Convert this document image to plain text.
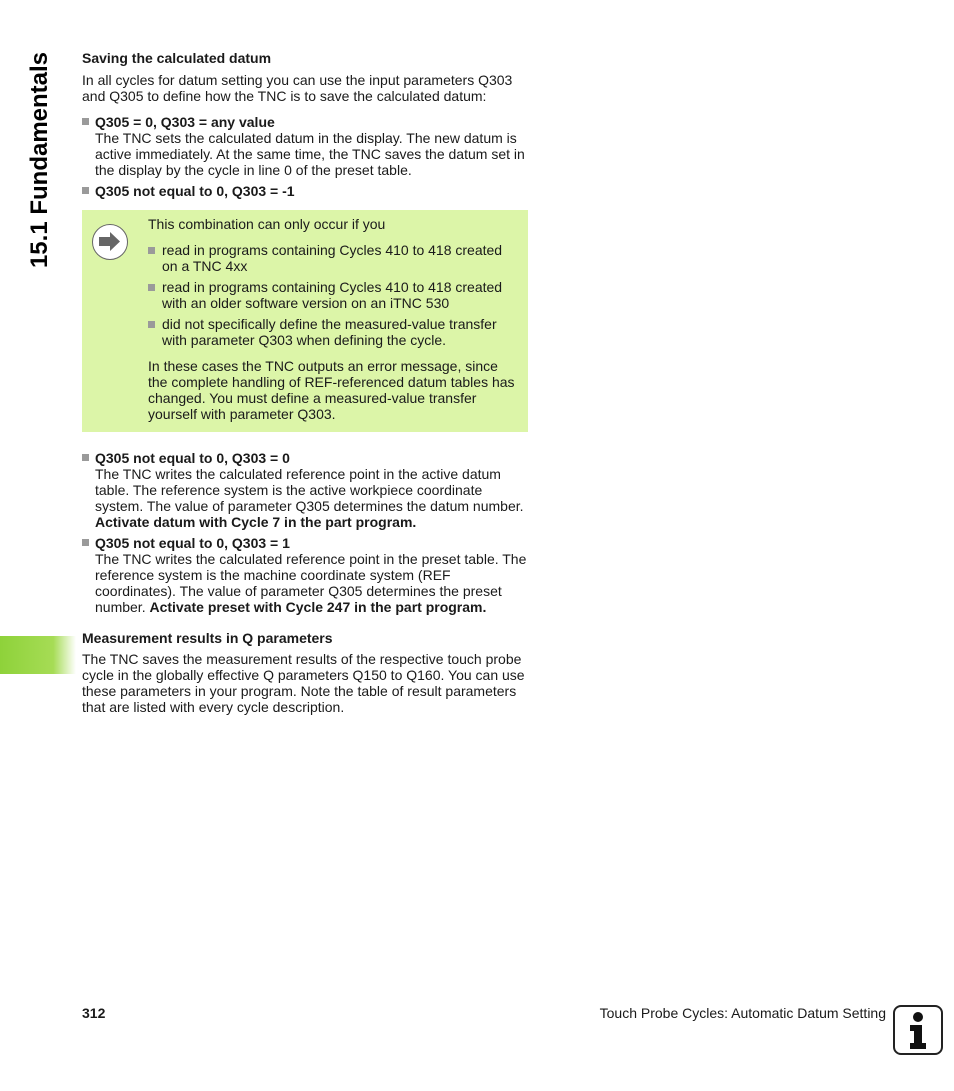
15.1 Fundamentals Saving the calculated datum

In all cycles for datum setting you can use the input parameters Q303 and Q305 to define how the TNC is to save the calculated datum:

Q305 = 0, Q303 = any value

The TNC sets the calculated datum in the display. The new datum is active immediately. At the same time, the TNC saves the datum set in the display by the cycle in line 0 of the preset table.

Q305 not equal to 0, Q303 = -1

This combination can only occur if you

read in programs containing Cycles 410 to 418 created on a TNC 4xx
read in programs containing Cycles 410 to 418 created with an older software version on an iTNC 530
did not specifically define the measured-value transfer with parameter Q303 when defining the cycle.

In these cases the TNC outputs an error message, since the complete handling of REF-referenced datum tables has changed. You must define a measured-value transfer yourself with parameter Q303.

Q305 not equal to 0, Q303 = 0

The TNC writes the calculated reference point in the active datum table. The reference system is the active workpiece coordinate system. The value of parameter Q305 determines the datum number. Activate datum with Cycle 7 in the part program.

Q305 not equal to 0, Q303 = 1

The TNC writes the calculated reference point in the preset table. The reference system is the machine coordinate system (REF coordinates). The value of parameter Q305 determines the preset number. Activate preset with Cycle 247 in the part program.

Measurement results in Q parameters

The TNC saves the measurement results of the respective touch probe cycle in the globally effective Q parameters Q150 to Q160. You can use these parameters in your program. Note the table of result parameters that are listed with every cycle description.

312	Touch Probe Cycles: Automatic Datum Setting
